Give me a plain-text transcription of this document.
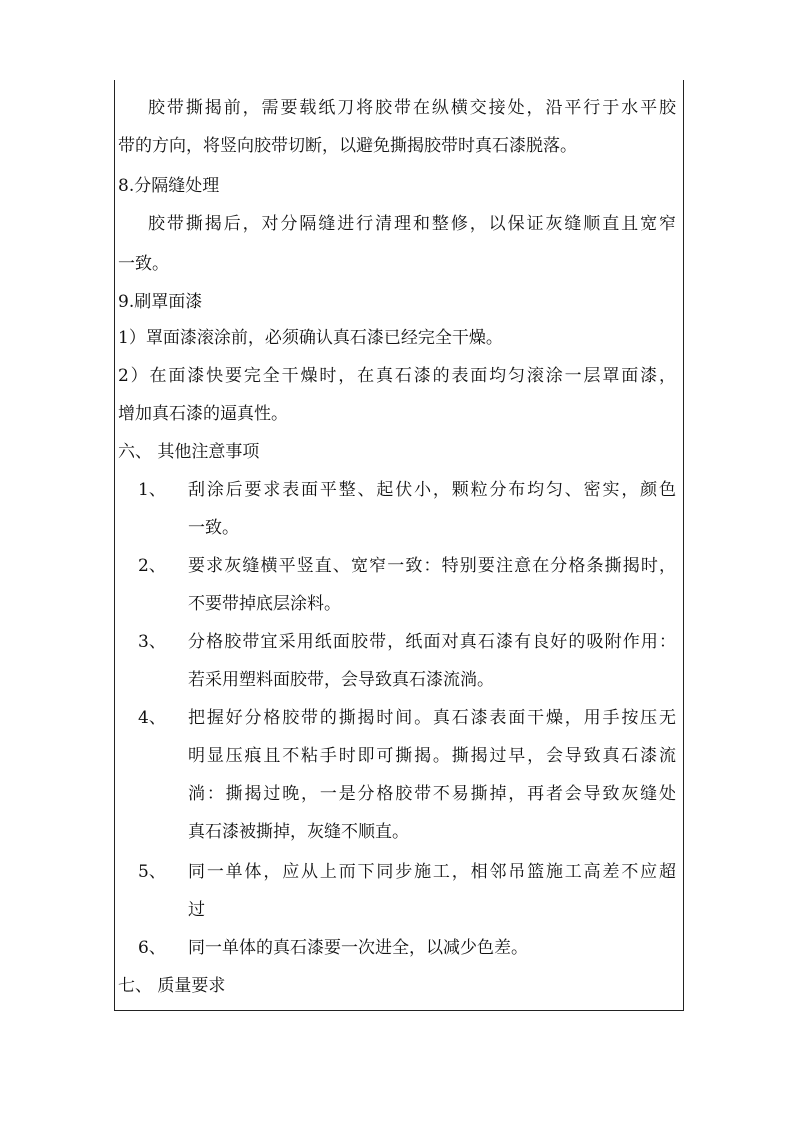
胶带撕揭前，需要载纸刀将胶带在纵横交接处，沿平行于水平胶
带的方向，将竖向胶带切断，以避免撕揭胶带时真石漆脱落。
8.分隔缝处理
胶带撕揭后，对分隔缝进行清理和整修，以保证灰缝顺直且宽窄
一致。
9.刷罩面漆
1）罩面漆滚涂前，必须确认真石漆已经完全干燥。
2）在面漆快要完全干燥时，在真石漆的表面均匀滚涂一层罩面漆，
增加真石漆的逼真性。
六、 其他注意事项
1、	刮涂后要求表面平整、起伏小，颗粒分布均匀、密实，颜色
一致。
2、	要求灰缝横平竖直、宽窄一致：特别要注意在分格条撕揭时，
不要带掉底层涂料。
3、	分格胶带宜采用纸面胶带，纸面对真石漆有良好的吸附作用：
若采用塑料面胶带，会导致真石漆流淌。
4、	把握好分格胶带的撕揭时间。真石漆表面干燥，用手按压无
明显压痕且不粘手时即可撕揭。撕揭过早，会导致真石漆流
淌：撕揭过晚，一是分格胶带不易撕掉，再者会导致灰缝处
真石漆被撕掉，灰缝不顺直。
5、	同一单体，应从上而下同步施工，相邻吊篮施工高差不应超
过
6、	同一单体的真石漆要一次进全，以减少色差。
七、 质量要求
